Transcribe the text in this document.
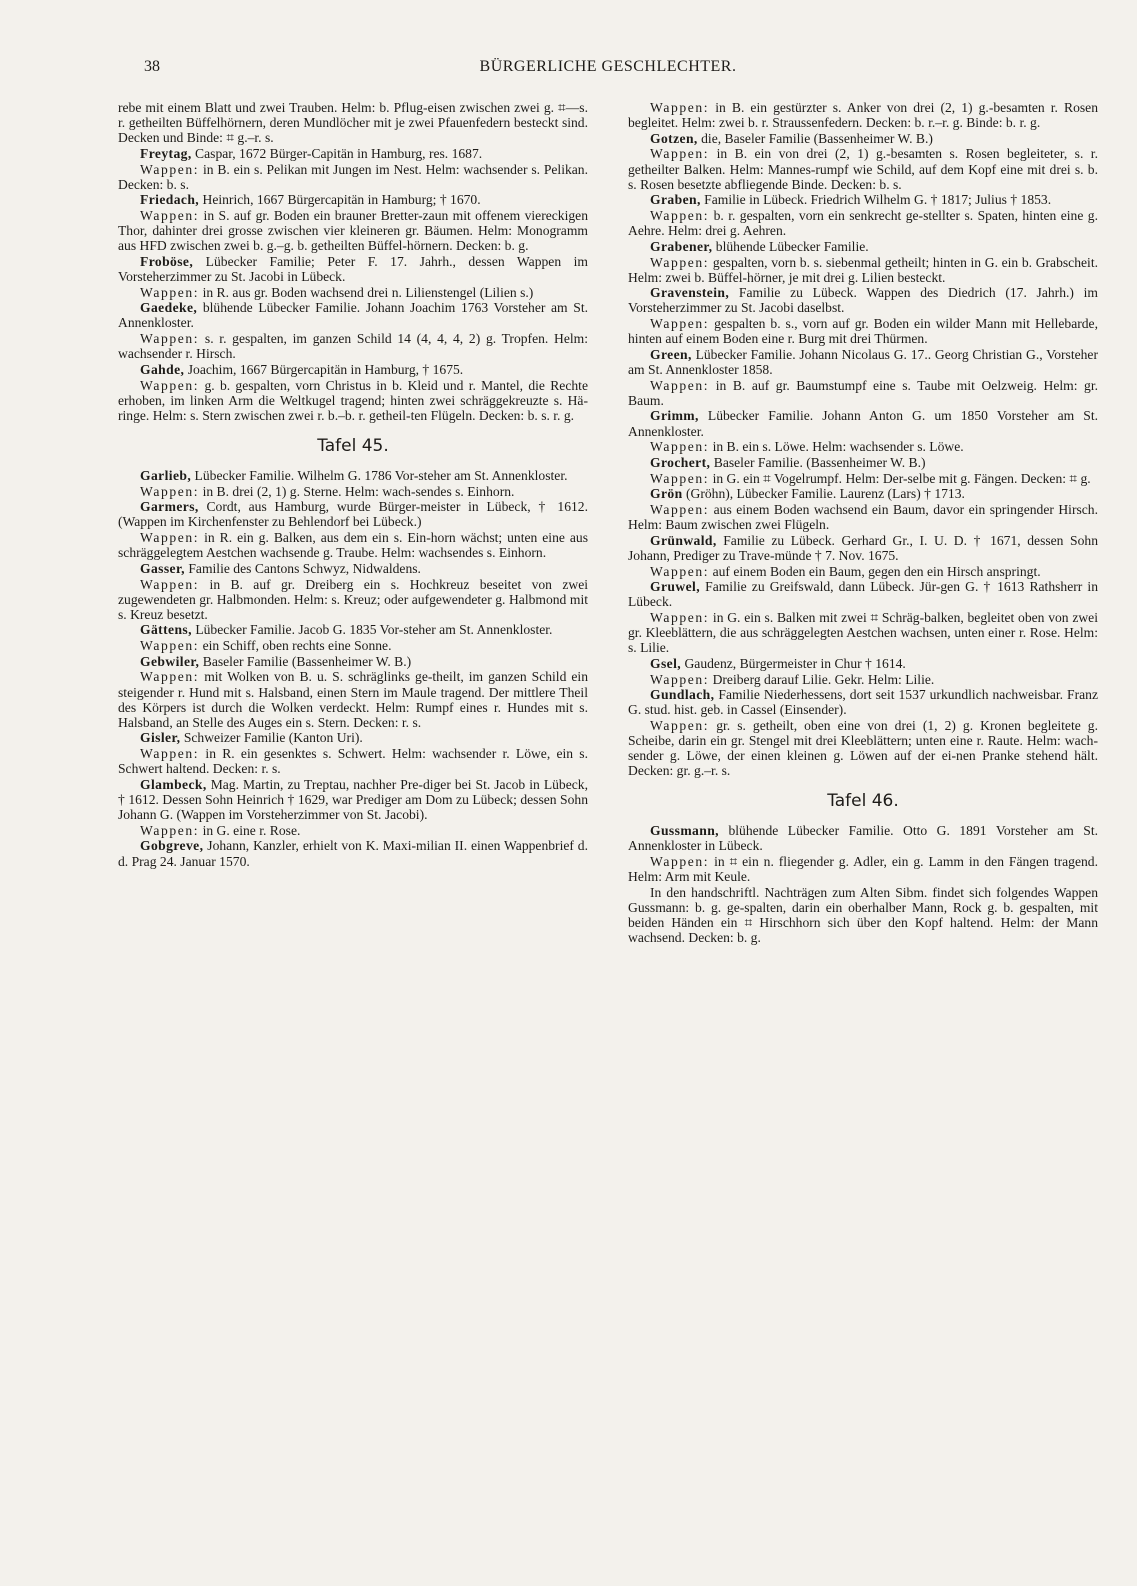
38	BÜRGERLICHE GESCHLECHTER.

rebe mit einem Blatt und zwei Trauben. Helm: b. Pflug-eisen zwischen zwei g. ⌗—s. r. getheilten Büffelhörnern, deren Mundlöcher mit je zwei Pfauenfedern besteckt sind. Decken und Binde: ⌗ g.–r. s.

Freytag, Caspar, 1672 Bürger-Capitän in Hamburg, res. 1687.

Wappen: in B. ein s. Pelikan mit Jungen im Nest. Helm: wachsender s. Pelikan. Decken: b. s.

Friedach, Heinrich, 1667 Bürgercapitän in Hamburg; † 1670.

Wappen: in S. auf gr. Boden ein brauner Bretter-zaun mit offenem viereckigen Thor, dahinter drei grosse zwischen vier kleineren gr. Bäumen. Helm: Monogramm aus HFD zwischen zwei b. g.–g. b. getheilten Büffel-hörnern. Decken: b. g.

Froböse, Lübecker Familie; Peter F. 17. Jahrh., dessen Wappen im Vorsteherzimmer zu St. Jacobi in Lübeck.

Wappen: in R. aus gr. Boden wachsend drei n. Lilienstengel (Lilien s.)

Gaedeke, blühende Lübecker Familie. Johann Joachim 1763 Vorsteher am St. Annenkloster.

Wappen: s. r. gespalten, im ganzen Schild 14 (4, 4, 4, 2) g. Tropfen. Helm: wachsender r. Hirsch.

Gahde, Joachim, 1667 Bürgercapitän in Hamburg, † 1675.

Wappen: g. b. gespalten, vorn Christus in b. Kleid und r. Mantel, die Rechte erhoben, im linken Arm die Weltkugel tragend; hinten zwei schräggekreuzte s. Hä-ringe. Helm: s. Stern zwischen zwei r. b.–b. r. getheil-ten Flügeln. Decken: b. s. r. g.

Tafel 45.

Garlieb, Lübecker Familie. Wilhelm G. 1786 Vor-steher am St. Annenkloster.

Wappen: in B. drei (2, 1) g. Sterne. Helm: wach-sendes s. Einhorn.

Garmers, Cordt, aus Hamburg, wurde Bürger-meister in Lübeck, † 1612. (Wappen im Kirchenfenster zu Behlendorf bei Lübeck.)

Wappen: in R. ein g. Balken, aus dem ein s. Ein-horn wächst; unten eine aus schräggelegtem Aestchen wachsende g. Traube. Helm: wachsendes s. Einhorn.

Gasser, Familie des Cantons Schwyz, Nidwaldens.

Wappen: in B. auf gr. Dreiberg ein s. Hochkreuz beseitet von zwei zugewendeten gr. Halbmonden. Helm: s. Kreuz; oder aufgewendeter g. Halbmond mit s. Kreuz besetzt.

Gättens, Lübecker Familie. Jacob G. 1835 Vor-steher am St. Annenkloster.

Wappen: ein Schiff, oben rechts eine Sonne.

Gebwiler, Baseler Familie (Bassenheimer W. B.)

Wappen: mit Wolken von B. u. S. schräglinks ge-theilt, im ganzen Schild ein steigender r. Hund mit s. Halsband, einen Stern im Maule tragend. Der mittlere Theil des Körpers ist durch die Wolken verdeckt. Helm: Rumpf eines r. Hundes mit s. Halsband, an Stelle des Auges ein s. Stern. Decken: r. s.

Gisler, Schweizer Familie (Kanton Uri).

Wappen: in R. ein gesenktes s. Schwert. Helm: wachsender r. Löwe, ein s. Schwert haltend. Decken: r. s.

Glambeck, Mag. Martin, zu Treptau, nachher Pre-diger bei St. Jacob in Lübeck, † 1612. Dessen Sohn Heinrich † 1629, war Prediger am Dom zu Lübeck; dessen Sohn Johann G. (Wappen im Vorsteherzimmer von St. Jacobi).

Wappen: in G. eine r. Rose.

Gobgreve, Johann, Kanzler, erhielt von K. Maxi-milian II. einen Wappenbrief d. d. Prag 24. Januar 1570.

Wappen: in B. ein gestürzter s. Anker von drei (2, 1) g.-besamten r. Rosen begleitet. Helm: zwei b. r. Straussenfedern. Decken: b. r.–r. g. Binde: b. r. g.

Gotzen, die, Baseler Familie (Bassenheimer W. B.)

Wappen: in B. ein von drei (2, 1) g.-besamten s. Rosen begleiteter, s. r. getheilter Balken. Helm: Mannes-rumpf wie Schild, auf dem Kopf eine mit drei s. b. s. Rosen besetzte abfliegende Binde. Decken: b. s.

Graben, Familie in Lübeck. Friedrich Wilhelm G. † 1817; Julius † 1853.

Wappen: b. r. gespalten, vorn ein senkrecht ge-stellter s. Spaten, hinten eine g. Aehre. Helm: drei g. Aehren.

Grabener, blühende Lübecker Familie.

Wappen: gespalten, vorn b. s. siebenmal getheilt; hinten in G. ein b. Grabscheit. Helm: zwei b. Büffel-hörner, je mit drei g. Lilien besteckt.

Gravenstein, Familie zu Lübeck. Wappen des Diedrich (17. Jahrh.) im Vorsteherzimmer zu St. Jacobi daselbst.

Wappen: gespalten b. s., vorn auf gr. Boden ein wilder Mann mit Hellebarde, hinten auf einem Boden eine r. Burg mit drei Thürmen.

Green, Lübecker Familie. Johann Nicolaus G. 17.. Georg Christian G., Vorsteher am St. Annenkloster 1858.

Wappen: in B. auf gr. Baumstumpf eine s. Taube mit Oelzweig. Helm: gr. Baum.

Grimm, Lübecker Familie. Johann Anton G. um 1850 Vorsteher am St. Annenkloster.

Wappen: in B. ein s. Löwe. Helm: wachsender s. Löwe.

Grochert, Baseler Familie. (Bassenheimer W. B.)

Wappen: in G. ein ⌗ Vogelrumpf. Helm: Der-selbe mit g. Fängen. Decken: ⌗ g.

Grön (Gröhn), Lübecker Familie. Laurenz (Lars) † 1713.

Wappen: aus einem Boden wachsend ein Baum, davor ein springender Hirsch. Helm: Baum zwischen zwei Flügeln.

Grünwald, Familie zu Lübeck. Gerhard Gr., I. U. D. † 1671, dessen Sohn Johann, Prediger zu Trave-münde † 7. Nov. 1675.

Wappen: auf einem Boden ein Baum, gegen den ein Hirsch anspringt.

Gruwel, Familie zu Greifswald, dann Lübeck. Jür-gen G. † 1613 Rathsherr in Lübeck.

Wappen: in G. ein s. Balken mit zwei ⌗ Schräg-balken, begleitet oben von zwei gr. Kleeblättern, die aus schräggelegten Aestchen wachsen, unten einer r. Rose. Helm: s. Lilie.

Gsel, Gaudenz, Bürgermeister in Chur † 1614.

Wappen: Dreiberg darauf Lilie. Gekr. Helm: Lilie.

Gundlach, Familie Niederhessens, dort seit 1537 urkundlich nachweisbar. Franz G. stud. hist. geb. in Cassel (Einsender).

Wappen: gr. s. getheilt, oben eine von drei (1, 2) g. Kronen begleitete g. Scheibe, darin ein gr. Stengel mit drei Kleeblättern; unten eine r. Raute. Helm: wach-sender g. Löwe, der einen kleinen g. Löwen auf der ei-nen Pranke stehend hält. Decken: gr. g.–r. s.

Tafel 46.

Gussmann, blühende Lübecker Familie. Otto G. 1891 Vorsteher am St. Annenkloster in Lübeck.

Wappen: in ⌗ ein n. fliegender g. Adler, ein g. Lamm in den Fängen tragend. Helm: Arm mit Keule.

In den handschriftl. Nachträgen zum Alten Sibm. findet sich folgendes Wappen Gussmann: b. g. ge-spalten, darin ein oberhalber Mann, Rock g. b. gespalten, mit beiden Händen ein ⌗ Hirschhorn sich über den Kopf haltend. Helm: der Mann wachsend. Decken: b. g.
